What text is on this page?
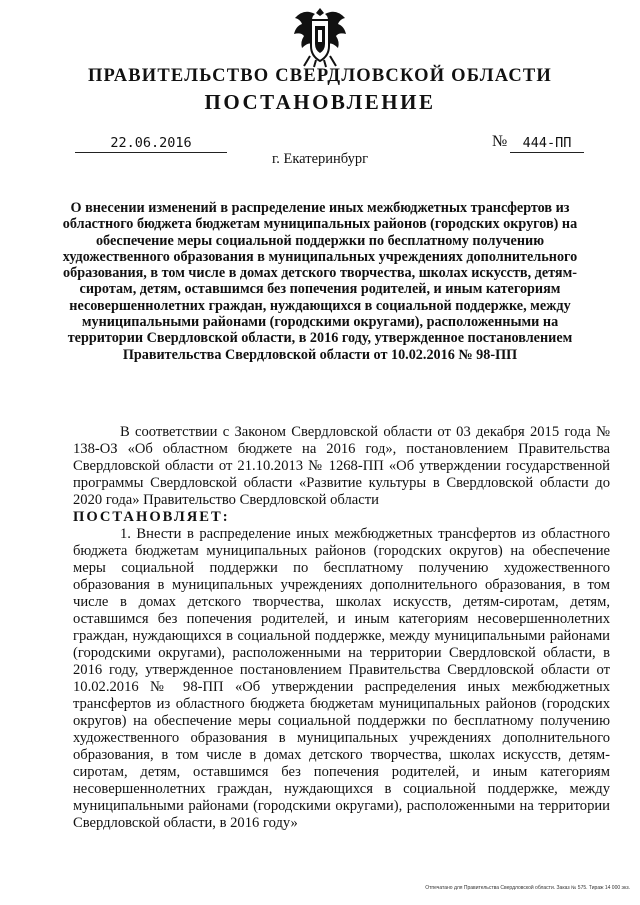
ПРАВИТЕЛЬСТВО СВЕРДЛОВСКОЙ ОБЛАСТИ
ПОСТАНОВЛЕНИЕ
22.06.2016	№	444-ПП
г. Екатеринбург

О внесении изменений в распределение иных межбюджетных трансфертов из областного бюджета бюджетам муниципальных районов (городских округов) на обеспечение меры социальной поддержки по бесплатному получению художественного образования в муниципальных учреждениях дополнительного образования, в том числе в домах детского творчества, школах искусств, детям-сиротам, детям, оставшимся без попечения родителей, и иным категориям несовершеннолетних граждан, нуждающихся в социальной поддержке, между муниципальными районами (городскими округами), расположенными на территории Свердловской области, в 2016 году, утвержденное постановлением Правительства Свердловской области от 10.02.2016 № 98-ПП

В соответствии с Законом Свердловской области от 03 декабря 2015 года № 138-ОЗ «Об областном бюджете на 2016 год», постановлением Правительства Свердловской области от 21.10.2013 № 1268-ПП «Об утверждении государственной программы Свердловской области «Развитие культуры в Свердловской области до 2020 года» Правительство Свердловской области

ПОСТАНОВЛЯЕТ:

1. Внести в распределение иных межбюджетных трансфертов из областного бюджета бюджетам муниципальных районов (городских округов) на обеспечение меры социальной поддержки по бесплатному получению художественного образования в муниципальных учреждениях дополнительного образования, в том числе в домах детского творчества, школах искусств, детям-сиротам, детям, оставшимся без попечения родителей, и иным категориям несовершеннолетних граждан, нуждающихся в социальной поддержке, между муниципальными районами (городскими округами), расположенными на территории Свердловской области, в 2016 году, утвержденное постановлением Правительства Свердловской области от 10.02.2016 № 98-ПП «Об утверждении распределения иных межбюджетных трансфертов из областного бюджета бюджетам муниципальных районов (городских округов) на обеспечение меры социальной поддержки по бесплатному получению художественного образования в муниципальных учреждениях дополнительного образования, в том числе в домах детского творчества, школах искусств, детям-сиротам, детям, оставшимся без попечения родителей, и иным категориям несовершеннолетних граждан, нуждающихся в социальной поддержке, между муниципальными районами (городскими округами), расположенными на территории Свердловской области, в 2016 году»

Отпечатано для Правительства Свердловской области. Заказ № 575. Тираж 14 000 экз.
